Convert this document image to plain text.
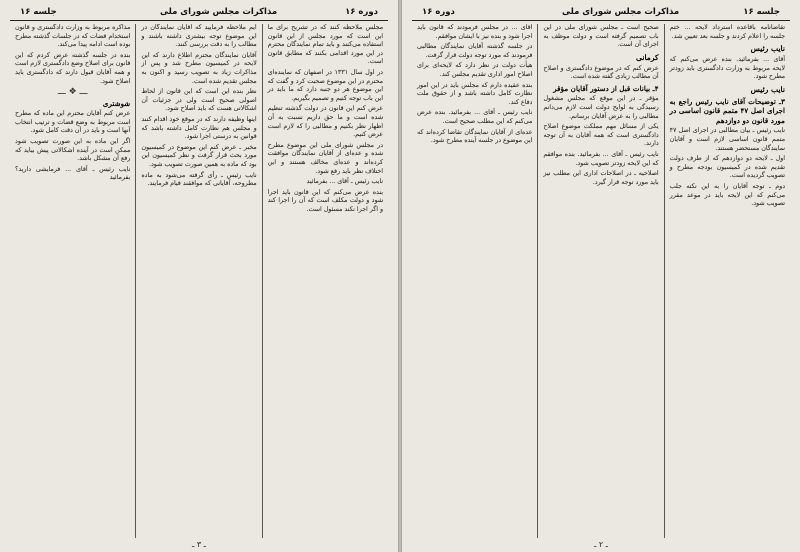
جلسه ۱۶	مذاکرات مجلس شورای ملی	دوره ۱۶

مجلس ملاحظه کنند که در تشریح برای ما این است که مورد مجلس از این قانون استفاده می‌کنند و باید تمام نمایندگان محترم در این مورد اقدامی بکنند که مطابق قانون است.

در اول سال ۱۳۳۱ در اصفهان که نماینده‌ای محترم در این موضوع صحبت کرد و گفت که این موضوع هر دو جنبه دارد که ما باید در این باب توجه کنیم و تصمیم بگیریم.

عرض کنم این قانون در دولت گذشته تنظیم شده است و ما حق داریم نسبت به آن اظهار نظر بکنیم و مطالبی را که لازم است عرض کنیم.

در مجلس شورای ملی این موضوع مطرح شده و عده‌ای از آقایان نمایندگان موافقت کرده‌اند و عده‌ای مخالف هستند و این اختلاف نظر باید رفع شود.

نایب رئیس ـ آقای ... بفرمائید

بنده عرض می‌کنم که این قانون باید اجرا شود و دولت مکلف است که آن را اجرا کند و اگر اجرا نکند مسئول است.

ایم ملاحظه فرمایید که آقایان نمایندگان در این موضوع توجه بیشتری داشته باشند و مطالب را به دقت بررسی کنند.

آقایان نمایندگان محترم اطلاع دارند که این لایحه در کمیسیون مطرح شد و پس از مذاکرات زیاد به تصویب رسید و اکنون به مجلس تقدیم شده است.

نظر بنده این است که این قانون از لحاظ اصولی صحیح است ولی در جزئیات آن اشکالاتی هست که باید اصلاح شود.

اینها وظیفه دارند که در موقع خود اقدام کنند و مجلس هم نظارت کامل داشته باشد که قوانین به درستی اجرا شود.

مخبر ـ عرض کنم این موضوع در کمیسیون مورد بحث قرار گرفت و نظر کمیسیون این بود که ماده به همین صورت تصویب شود.

نایب رئیس ـ رأی گرفته می‌شود به ماده مطروحه، آقایانی که موافقند قیام فرمایند.

مذاکره مربوط به وزارت دادگستری و قانون استخدام قضات که در جلسات گذشته مطرح بوده است ادامه پیدا می‌کند.

بنده در جلسه گذشته عرض کردم که این قانون برای اصلاح وضع دادگستری لازم است و همه آقایان قبول دارند که دادگستری باید اصلاح شود.

ـــ ❖ ـــ

شوشتری

عرض کنم آقایان محترم این ماده که مطرح است مربوط به وضع قضات و ترتیب انتخاب آنها است و باید در آن دقت کامل شود.

اگر این ماده به این صورت تصویب شود ممکن است در آینده اشکالاتی پیش بیاید که رفع آن مشکل باشد.

نایب رئیس ـ آقای ... فرمایشی دارید؟ بفرمائید

ـ ۳ ـ
جلسه ۱۶
مذاکرات مجلس شورای ملی
دوره ۱۶

تقاضانامه باقاعده استرداد لایحه ... ختم جلسه را اعلام کردند و جلسه بعد تعیین شد.

نایب رئیس

آقای ... بفرمائید. بنده عرض می‌کنم که لایحه مربوط به وزارت دادگستری باید زودتر مطرح شود.

نایب رئیس
۳ـ توضیحات آقای نایب رئیس راجع به اجرای اصل ۴۷ متمم قانون اساسی در مورد قانون دو دوازدهم

نایب رئیس ـ بیان مطالبی در اجرای اصل ۴۷ متمم قانون اساسی لازم است و آقایان نمایندگان مستحضر هستند.

اول ـ لایحه دو دوازدهم که از طرف دولت تقدیم شده در کمیسیون بودجه مطرح و تصویب گردیده است.

دوم ـ توجه آقایان را به این نکته جلب می‌کنم که این لایحه باید در موعد مقرر تصویب شود.

صحیح است ـ مجلس شورای ملی در این باب تصمیم گرفته است و دولت موظف به اجرای آن است.

کرمانی

عرض کنم که در موضوع دادگستری و اصلاح آن مطالب زیادی گفته شده است.

۴ـ بیانات قبل از دستور آقایان مؤقر

مؤقر ـ در این موقع که مجلس مشغول رسیدگی به لوایح دولت است لازم می‌دانم مطالبی را به عرض آقایان برسانم.

یکی از مسائل مهم مملکت موضوع اصلاح دادگستری است که همه آقایان به آن توجه دارند.

نایب رئیس ـ آقای ... بفرمائید. بنده موافقم که این لایحه زودتر تصویب شود.

اصلاحیه ـ در اصلاحات اداری این مطلب نیز باید مورد توجه قرار گیرد.

آقای ... در مجلس فرمودند که قانون باید اجرا شود و بنده نیز با ایشان موافقم.

در جلسه گذشته آقایان نمایندگان مطالبی فرمودند که مورد توجه دولت قرار گرفت.

هیأت دولت در نظر دارد که لایحه‌ای برای اصلاح امور اداری تقدیم مجلس کند.

بنده عقیده دارم که مجلس باید در این امور نظارت کامل داشته باشد و از حقوق ملت دفاع کند.

نایب رئیس ـ آقای ... بفرمائید. بنده عرض می‌کنم که این مطلب صحیح است.

عده‌ای از آقایان نمایندگان تقاضا کرده‌اند که این موضوع در جلسه آینده مطرح شود.

ـ ۲ ـ
